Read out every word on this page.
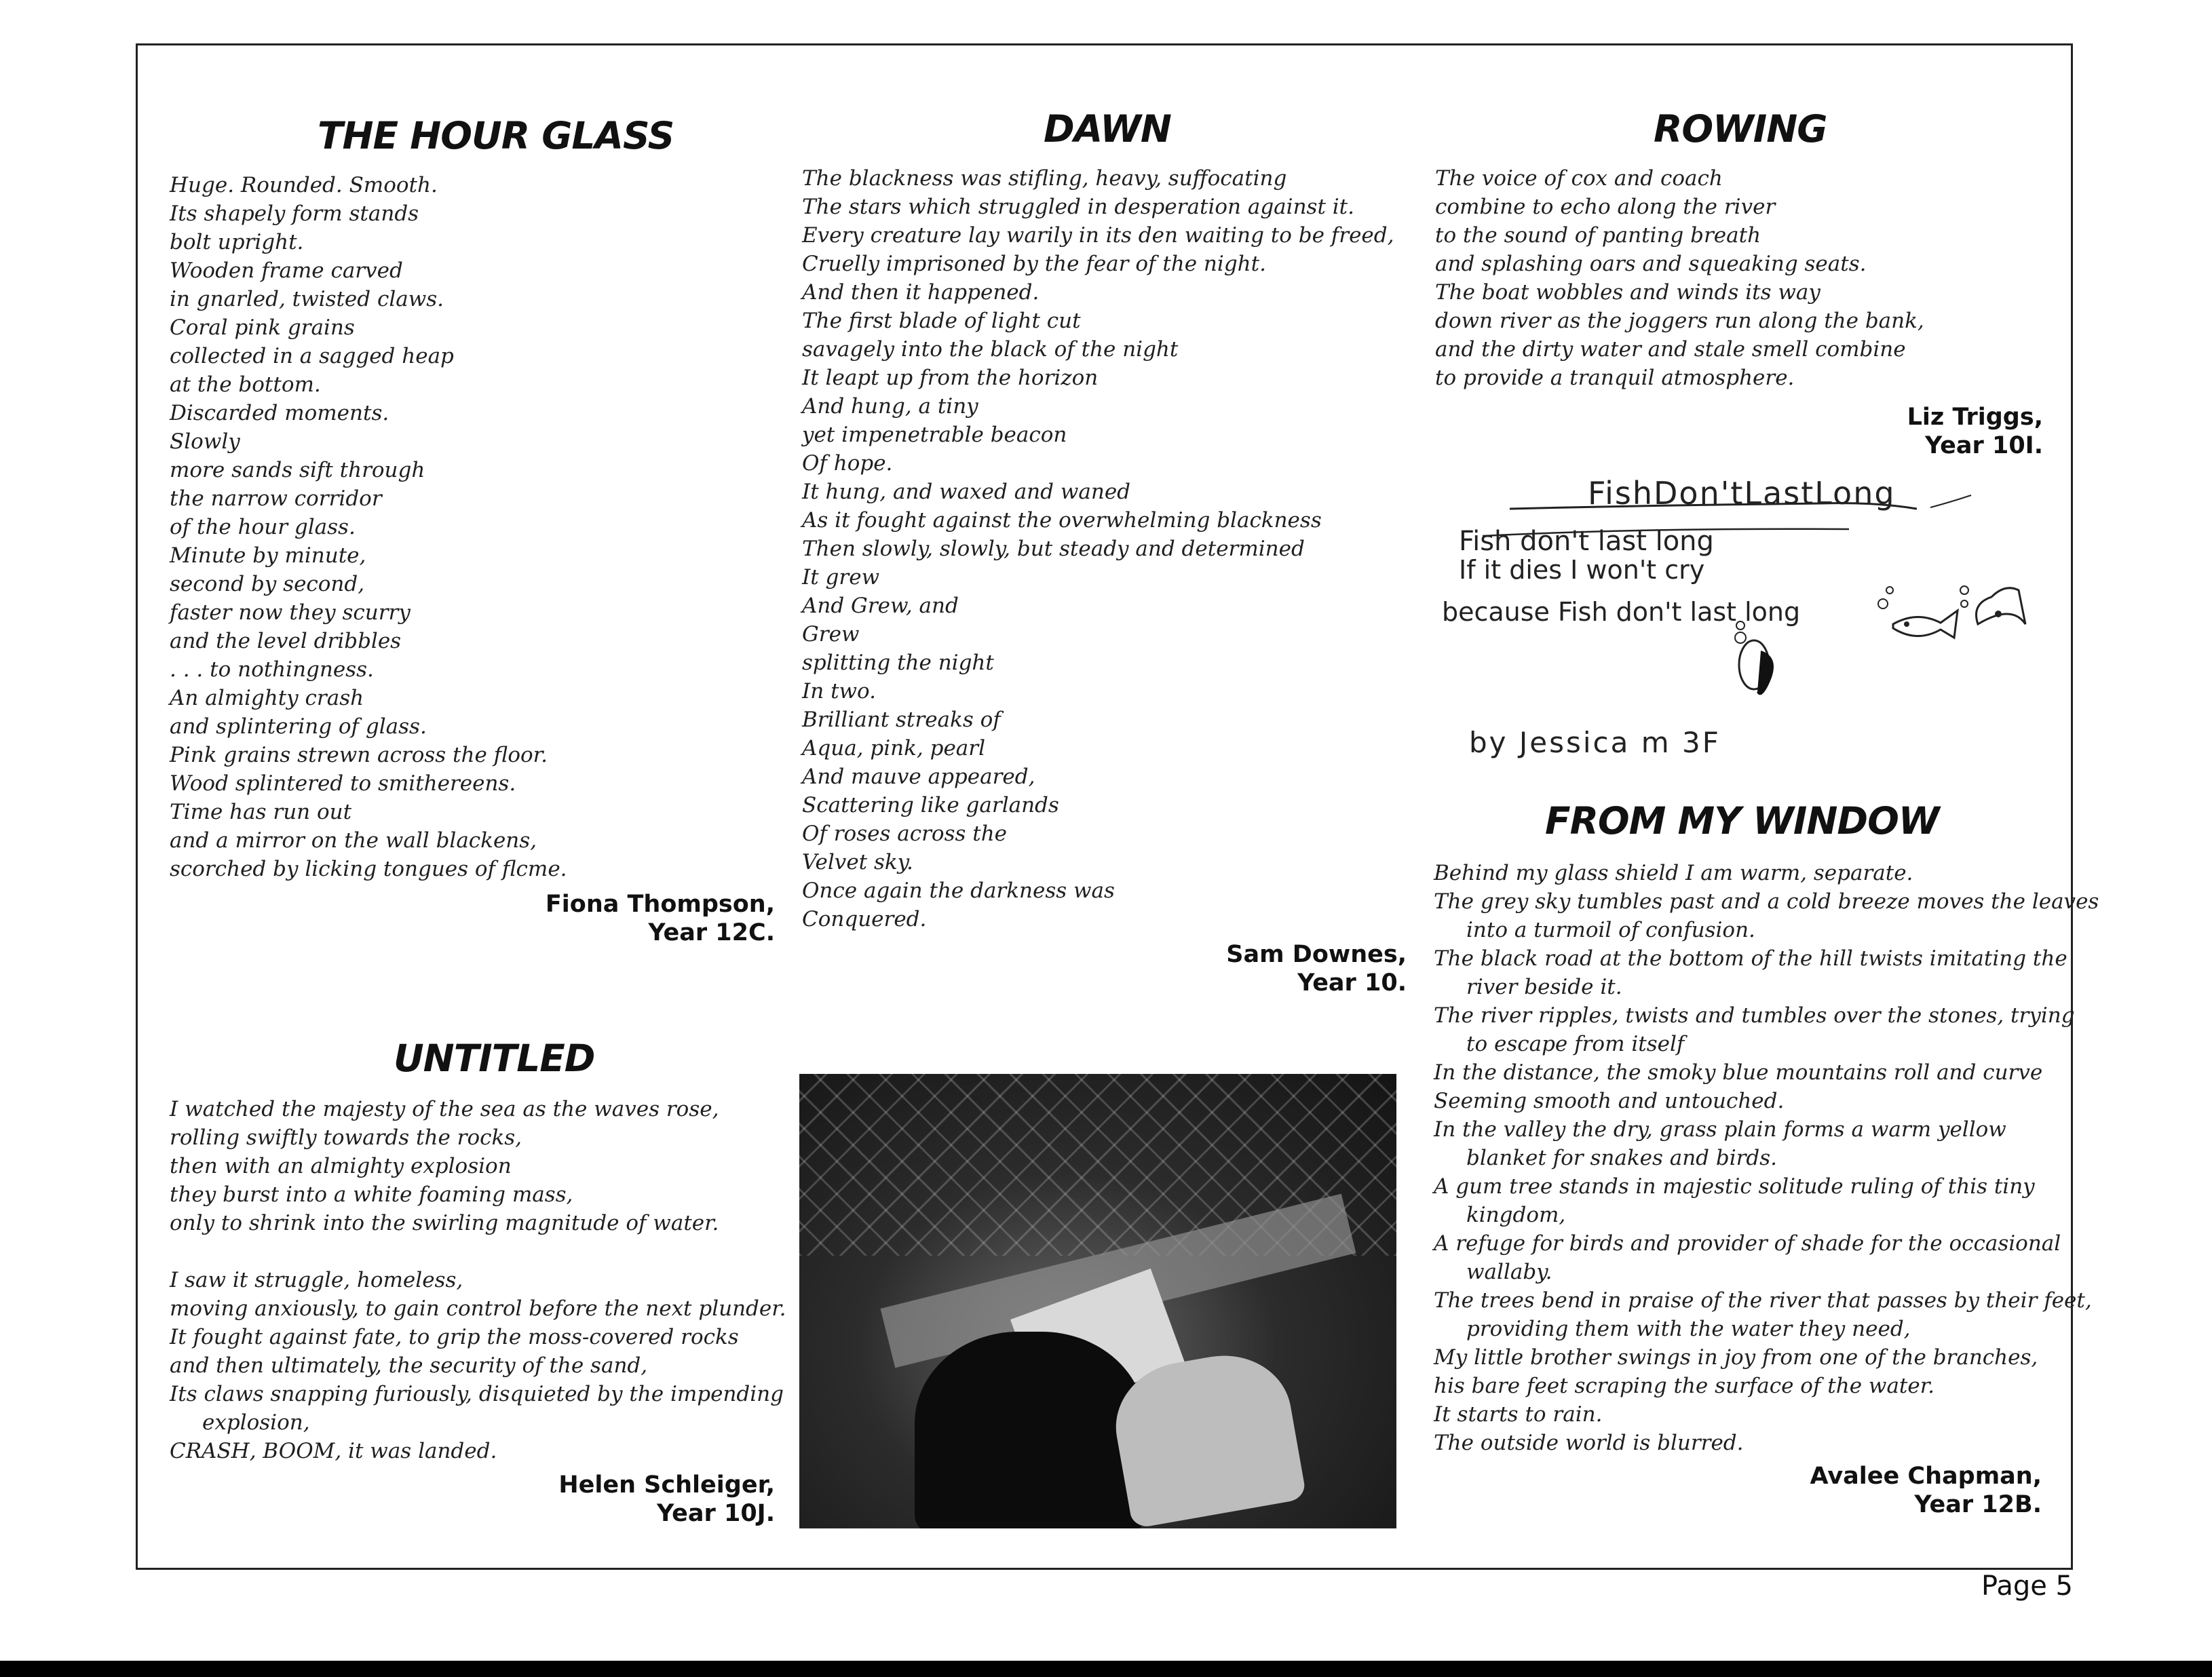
THE HOUR GLASS
Huge. Rounded. Smooth.
Its shapely form stands
bolt upright.
Wooden frame carved
in gnarled, twisted claws.
Coral pink grains
collected in a sagged heap
at the bottom.
Discarded moments.
Slowly
more sands sift through
the narrow corridor
of the hour glass.
Minute by minute,
second by second,
faster now they scurry
and the level dribbles
. . . to nothingness.
An almighty crash
and splintering of glass.
Pink grains strewn across the floor.
Wood splintered to smithereens.
Time has run out
and a mirror on the wall blackens,
scorched by licking tongues of flcme.
Fiona Thompson,
Year 12C.
DAWN
The blackness was stifling, heavy, suffocating
The stars which struggled in desperation against it.
Every creature lay warily in its den waiting to be freed,
Cruelly imprisoned by the fear of the night.
And then it happened.
The first blade of light cut
savagely into the black of the night
It leapt up from the horizon
And hung, a tiny
yet impenetrable beacon
Of hope.
It hung, and waxed and waned
As it fought against the overwhelming blackness
Then slowly, slowly, but steady and determined
It grew
And Grew, and
Grew
splitting the night
In two.
Brilliant streaks of
Aqua, pink, pearl
And mauve appeared,
Scattering like garlands
Of roses across the
Velvet sky.
Once again the darkness was
Conquered.
Sam Downes,
Year 10.
ROWING
The voice of cox and coach
combine to echo along the river
to the sound of panting breath
and splashing oars and squeaking seats.
The boat wobbles and winds its way
down river as the joggers run along the bank,
and the dirty water and stale smell combine
to provide a tranquil atmosphere.
Liz Triggs,
Year 10I.
FishDon'tLastLong
Fish don't last long
If it dies I won't cry
because Fish don't last long
by Jessica m 3F
FROM MY WINDOW
Behind my glass shield I am warm, separate.
The grey sky tumbles past and a cold breeze moves the leaves
into a turmoil of confusion.
The black road at the bottom of the hill twists imitating the
river beside it.
The river ripples, twists and tumbles over the stones, trying
to escape from itself
In the distance, the smoky blue mountains roll and curve
Seeming smooth and untouched.
In the valley the dry, grass plain forms a warm yellow
blanket for snakes and birds.
A gum tree stands in majestic solitude ruling of this tiny
kingdom,
A refuge for birds and provider of shade for the occasional
wallaby.
The trees bend in praise of the river that passes by their feet,
providing them with the water they need,
My little brother swings in joy from one of the branches,
his bare feet scraping the surface of the water.
It starts to rain.
The outside world is blurred.
Avalee Chapman,
Year 12B.
UNTITLED
I watched the majesty of the sea as the waves rose,
rolling swiftly towards the rocks,
then with an almighty explosion
they burst into a white foaming mass,
only to shrink into the swirling magnitude of water.
I saw it struggle, homeless,
moving anxiously, to gain control before the next plunder.
It fought against fate, to grip the moss-covered rocks
and then ultimately, the security of the sand,
Its claws snapping furiously, disquieted by the impending
explosion,
CRASH, BOOM, it was landed.
Helen Schleiger,
Year 10J.
Page 5
